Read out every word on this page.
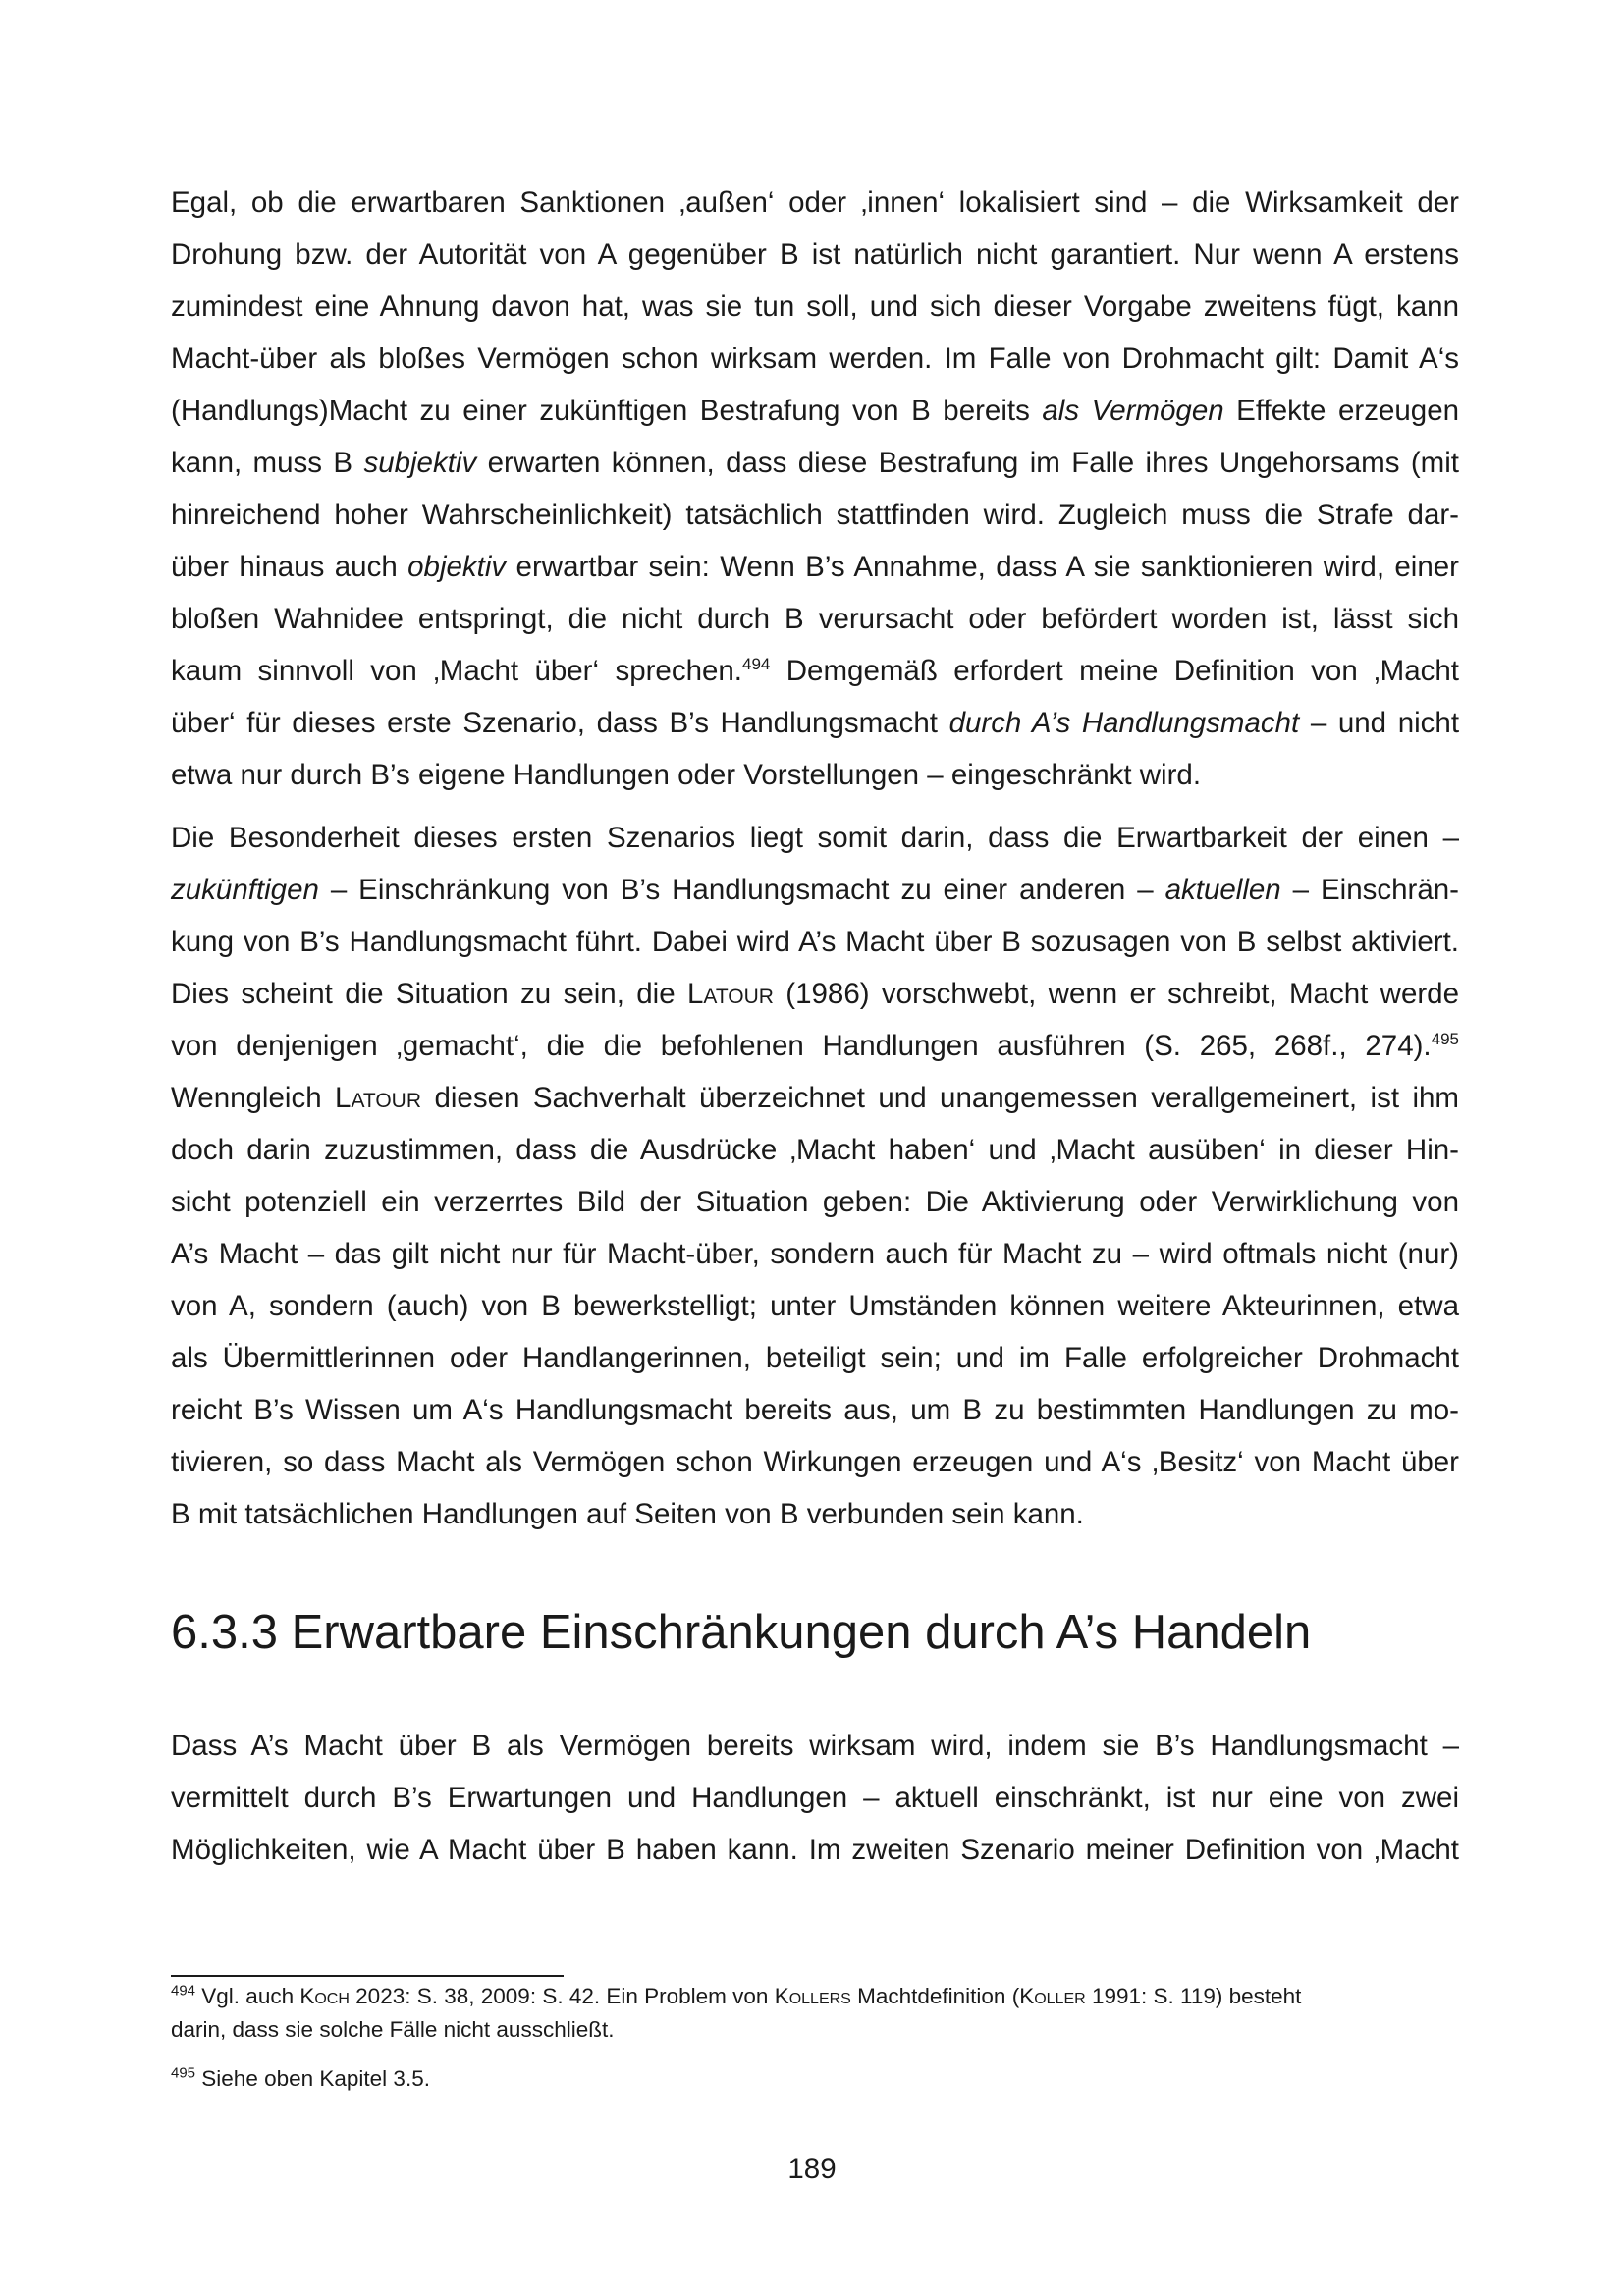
Egal, ob die erwartbaren Sanktionen ‚außen‘ oder ‚innen‘ lokalisiert sind – die Wirksamkeit der
Drohung bzw. der Autorität von A gegenüber B ist natürlich nicht garantiert. Nur wenn A erstens
zumindest eine Ahnung davon hat, was sie tun soll, und sich dieser Vorgabe zweitens fügt, kann
Macht-über als bloßes Vermögen schon wirksam werden. Im Falle von Drohmacht gilt: Damit A‘s
(Handlungs)Macht zu einer zukünftigen Bestrafung von B bereits als Vermögen Effekte erzeugen
kann, muss B subjektiv erwarten können, dass diese Bestrafung im Falle ihres Ungehorsams (mit
hinreichend hoher Wahrscheinlichkeit) tatsächlich stattfinden wird. Zugleich muss die Strafe dar-
über hinaus auch objektiv erwartbar sein: Wenn B’s Annahme, dass A sie sanktionieren wird, einer
bloßen Wahnidee entspringt, die nicht durch B verursacht oder befördert worden ist, lässt sich
kaum sinnvoll von ‚Macht über‘ sprechen.$^{494}$ Demgemäß erfordert meine Definition von ‚Macht
über‘ für dieses erste Szenario, dass B’s Handlungsmacht durch A’s Handlungsmacht – und nicht
etwa nur durch B’s eigene Handlungen oder Vorstellungen – eingeschränkt wird.

Die Besonderheit dieses ersten Szenarios liegt somit darin, dass die Erwartbarkeit der einen –
zukünftigen – Einschränkung von B’s Handlungsmacht zu einer anderen – aktuellen – Einschrän-
kung von B’s Handlungsmacht führt. Dabei wird A’s Macht über B sozusagen von B selbst aktiviert.
Dies scheint die Situation zu sein, die Latour (1986) vorschwebt, wenn er schreibt, Macht werde
von denjenigen ‚gemacht‘, die die befohlenen Handlungen ausführen (S. 265, 268f., 274).$^{495}$
Wenngleich Latour diesen Sachverhalt überzeichnet und unangemessen verallgemeinert, ist ihm
doch darin zuzustimmen, dass die Ausdrücke ‚Macht haben‘ und ‚Macht ausüben‘ in dieser Hin-
sicht potenziell ein verzerrtes Bild der Situation geben: Die Aktivierung oder Verwirklichung von
A’s Macht – das gilt nicht nur für Macht-über, sondern auch für Macht zu – wird oftmals nicht (nur)
von A, sondern (auch) von B bewerkstelligt; unter Umständen können weitere Akteurinnen, etwa
als Übermittlerinnen oder Handlangerinnen, beteiligt sein; und im Falle erfolgreicher Drohmacht
reicht B’s Wissen um A‘s Handlungsmacht bereits aus, um B zu bestimmten Handlungen zu mo-
tivieren, so dass Macht als Vermögen schon Wirkungen erzeugen und A‘s ‚Besitz‘ von Macht über
B mit tatsächlichen Handlungen auf Seiten von B verbunden sein kann.

6.3.3 Erwartbare Einschränkungen durch A’s Handeln

Dass A’s Macht über B als Vermögen bereits wirksam wird, indem sie B’s Handlungsmacht –
vermittelt durch B’s Erwartungen und Handlungen – aktuell einschränkt, ist nur eine von zwei
Möglichkeiten, wie A Macht über B haben kann. Im zweiten Szenario meiner Definition von ‚Macht

$^{494}$ Vgl. auch Koch 2023: S. 38, 2009: S. 42. Ein Problem von Kollers Machtdefinition (Koller 1991: S. 119) besteht
darin, dass sie solche Fälle nicht ausschließt.

$^{495}$ Siehe oben Kapitel 3.5.

189
